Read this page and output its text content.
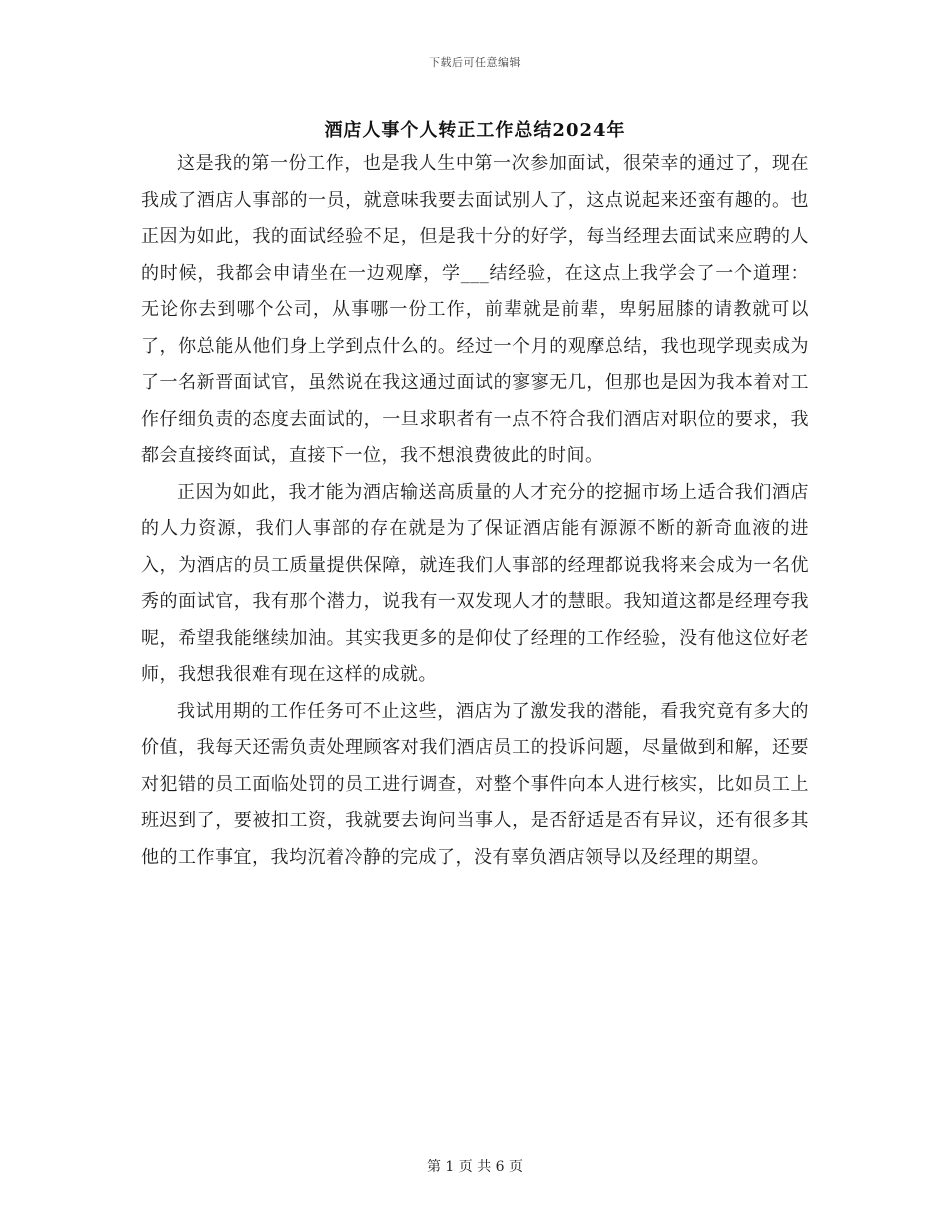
下载后可任意编辑
酒店人事个人转正工作总结2024年

这是我的第一份工作，也是我人生中第一次参加面试，很荣幸的通过了，现在我成了酒店人事部的一员，就意味我要去面试别人了，这点说起来还蛮有趣的。也正因为如此，我的面试经验不足，但是我十分的好学，每当经理去面试来应聘的人的时候，我都会申请坐在一边观摩，学___结经验，在这点上我学会了一个道理：无论你去到哪个公司，从事哪一份工作，前辈就是前辈，卑躬屈膝的请教就可以了，你总能从他们身上学到点什么的。经过一个月的观摩总结，我也现学现卖成为了一名新晋面试官，虽然说在我这通过面试的寥寥无几，但那也是因为我本着对工作仔细负责的态度去面试的，一旦求职者有一点不符合我们酒店对职位的要求，我都会直接终面试，直接下一位，我不想浪费彼此的时间。

正因为如此，我才能为酒店输送高质量的人才充分的挖掘市场上适合我们酒店的人力资源，我们人事部的存在就是为了保证酒店能有源源不断的新奇血液的进入，为酒店的员工质量提供保障，就连我们人事部的经理都说我将来会成为一名优秀的面试官，我有那个潜力，说我有一双发现人才的慧眼。我知道这都是经理夸我呢，希望我能继续加油。其实我更多的是仰仗了经理的工作经验，没有他这位好老师，我想我很难有现在这样的成就。

我试用期的工作任务可不止这些，酒店为了激发我的潜能，看我究竟有多大的价值，我每天还需负责处理顾客对我们酒店员工的投诉问题，尽量做到和解，还要对犯错的员工面临处罚的员工进行调查，对整个事件向本人进行核实，比如员工上班迟到了，要被扣工资，我就要去询问当事人，是否舒适是否有异议，还有很多其他的工作事宜，我均沉着冷静的完成了，没有辜负酒店领导以及经理的期望。

第 1 页 共 6 页
